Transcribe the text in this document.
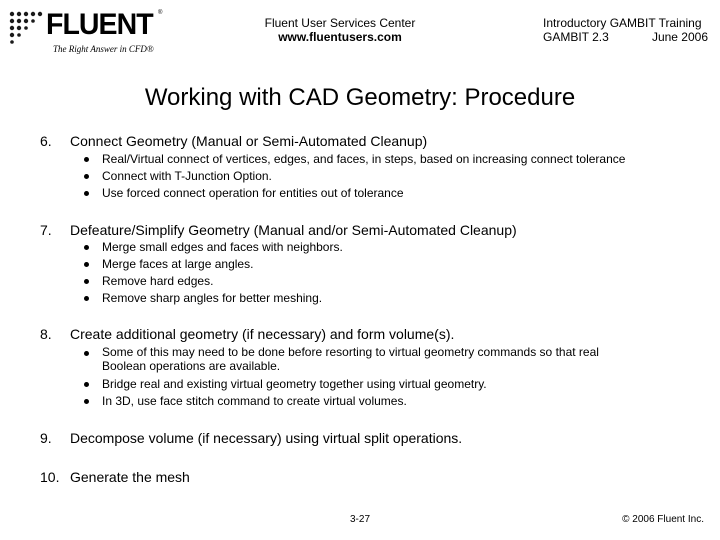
FLUENT ®
The Right Answer in CFD®
Fluent User Services Center
www.fluentusers.com
Introductory GAMBIT Training
GAMBIT 2.3	June 2006
Working with CAD Geometry: Procedure
6. Connect Geometry (Manual or Semi-Automated Cleanup)
Real/Virtual connect of vertices, edges, and faces, in steps, based on increasing connect tolerance
Connect with T-Junction Option.
Use forced connect operation for entities out of tolerance
7. Defeature/Simplify Geometry (Manual and/or Semi-Automated Cleanup)
Merge small edges and faces with neighbors.
Merge faces at large angles.
Remove hard edges.
Remove sharp angles for better meshing.
8. Create additional geometry (if necessary) and form volume(s).
Some of this may need to be done before resorting to virtual geometry commands so that real Boolean operations are available.
Bridge real and existing virtual geometry together using virtual geometry.
In 3D, use face stitch command to create virtual volumes.
9. Decompose volume (if necessary) using virtual split operations.
10. Generate the mesh
3-27	© 2006 Fluent Inc.
